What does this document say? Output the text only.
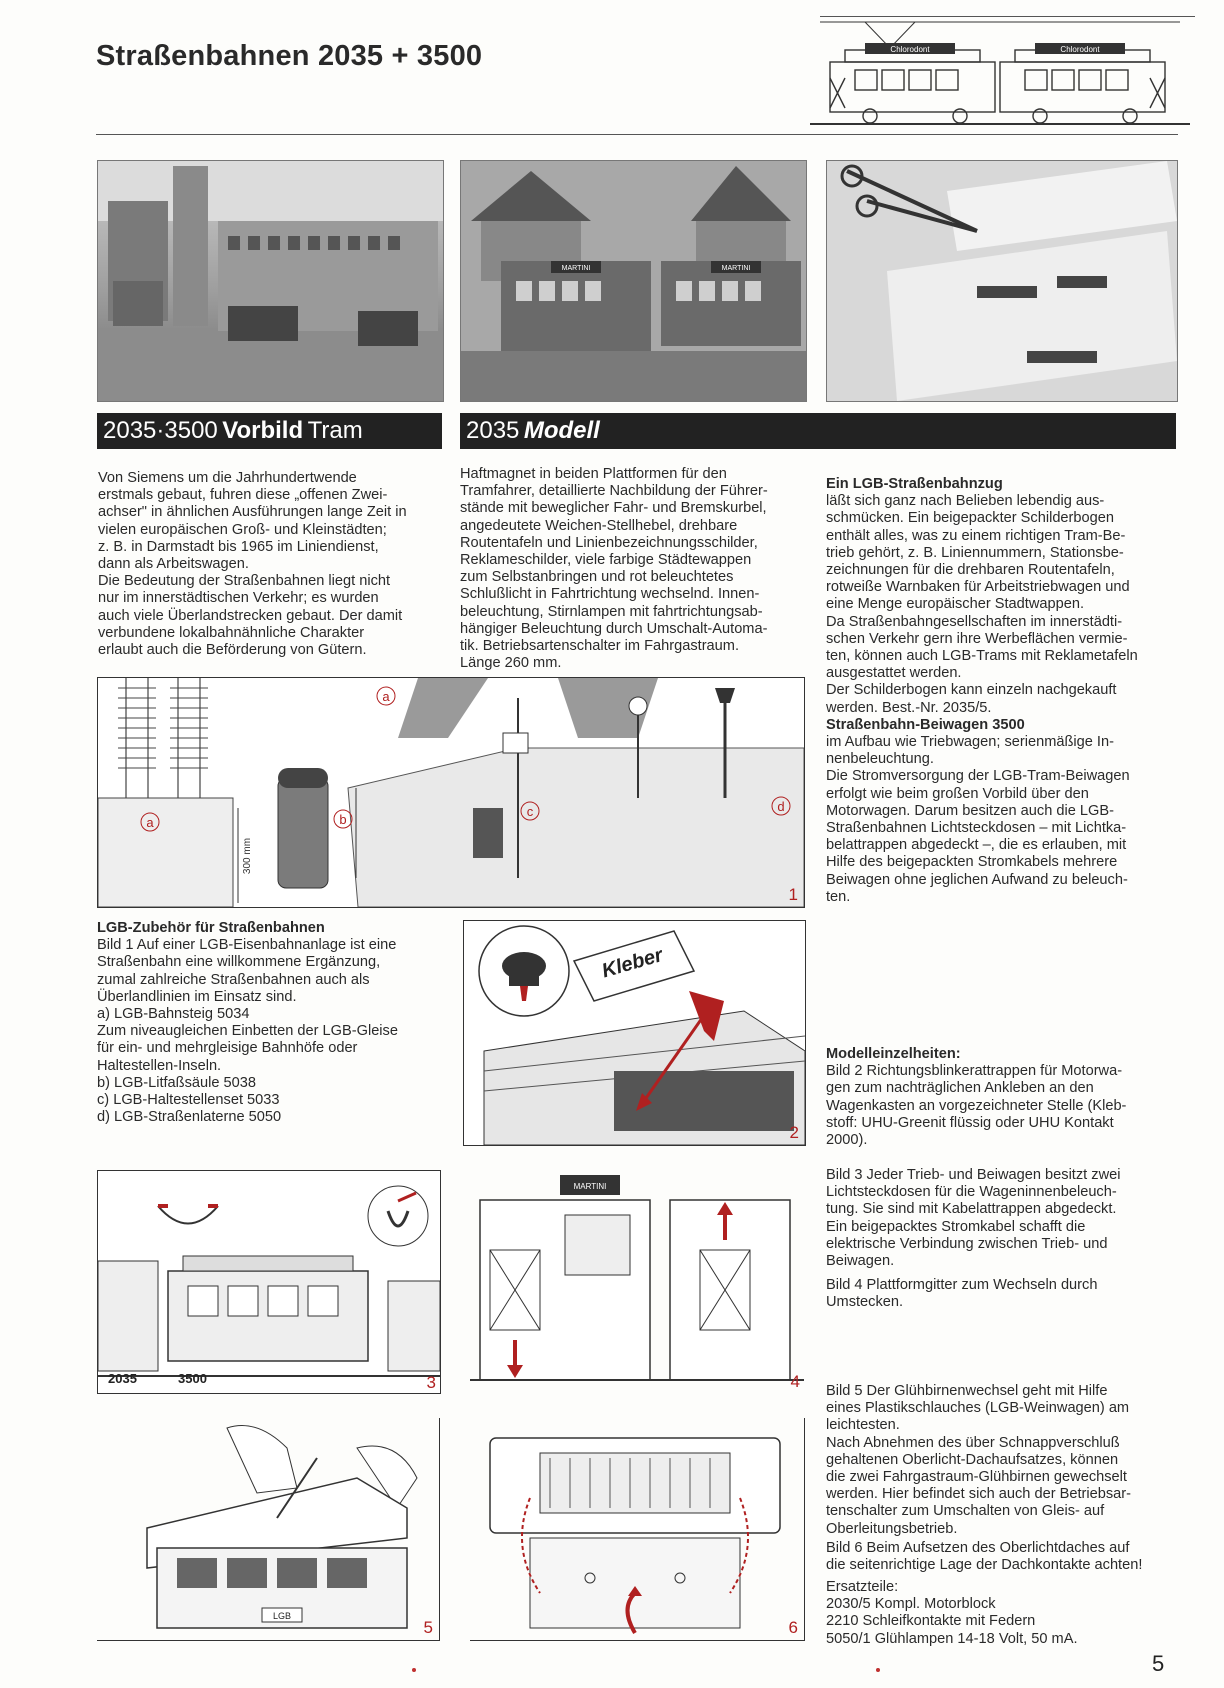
Straßenbahnen 2035 + 3500	Chlorodont	Chlorodont
MARTINI	MARTINI
2035·3500 Vorbild Tram	2035 Modell

Von Siemens um die Jahrhundertwende

erstmals gebaut, fuhren diese „offenen Zwei-

achser" in ähnlichen Ausführungen lange Zeit in

vielen europäischen Groß- und Kleinstädten;

z. B. in Darmstadt bis 1965 im Liniendienst,

dann als Arbeitswagen.

Die Bedeutung der Straßenbahnen liegt nicht

nur im innerstädtischen Verkehr; es wurden

auch viele Überlandstrecken gebaut. Der damit

verbundene lokalbahnähnliche Charakter

erlaubt auch die Beförderung von Gütern.

Haftmagnet in beiden Plattformen für den

Tramfahrer, detaillierte Nachbildung der Führer-

stände mit beweglicher Fahr- und Bremskurbel,

angedeutete Weichen-Stellhebel, drehbare

Routentafeln und Linienbezeichnungsschilder,

Reklameschilder, viele farbige Städtewappen

zum Selbstanbringen und rot beleuchtetes

Schlußlicht in Fahrtrichtung wechselnd. Innen-

beleuchtung, Stirnlampen mit fahrtrichtungsab-

hängiger Beleuchtung durch Umschalt-Automa-

tik. Betriebsartenschalter im Fahrgastraum.

Länge 260 mm.

Ein LGB-Straßenbahnzug

läßt sich ganz nach Belieben lebendig aus-

schmücken. Ein beigepackter Schilderbogen

enthält alles, was zu einem richtigen Tram-Be-

trieb gehört, z. B. Liniennummern, Stationsbe-

zeichnungen für die drehbaren Routentafeln,

rotweiße Warnbaken für Arbeitstriebwagen und

eine Menge europäischer Stadtwappen.

Da Straßenbahngesellschaften im innerstädti-

schen Verkehr gern ihre Werbeflächen vermie-

ten, können auch LGB-Trams mit Reklametafeln

ausgestattet werden.

Der Schilderbogen kann einzeln nachgekauft

werden. Best.-Nr. 2035/5.

Straßenbahn-Beiwagen 3500

im Aufbau wie Triebwagen; serienmäßige In-

nenbeleuchtung.

Die Stromversorgung der LGB-Tram-Beiwagen

erfolgt wie beim großen Vorbild über den

Motorwagen. Darum besitzen auch die LGB-

Straßenbahnen Lichtsteckdosen – mit Lichtka-

belattrappen abgedeckt –, die es erlauben, mit

Hilfe des beigepackten Stromkabels mehrere

Beiwagen ohne jeglichen Aufwand zu beleuch-

ten.

a	b
a
c	d
300 mm
1

LGB-Zubehör für Straßenbahnen

Bild 1 Auf einer LGB-Eisenbahnanlage ist eine

Straßenbahn eine willkommene Ergänzung,

zumal zahlreiche Straßenbahnen auch als

Überlandlinien im Einsatz sind.

a) LGB-Bahnsteig 5034

Zum niveaugleichen Einbetten der LGB-Gleise

für ein- und mehrgleisige Bahnhöfe oder

Haltestellen-Inseln.

b) LGB-Litfaßsäule 5038

c) LGB-Haltestellenset 5033

d) LGB-Straßenlaterne 5050

Kleber
2

Modelleinzelheiten:

Bild 2 Richtungsblinkerattrappen für Motorwa-

gen zum nachträglichen Ankleben an den

Wagenkasten an vorgezeichneter Stelle (Kleb-

stoff: UHU-Greenit flüssig oder UHU Kontakt

2000).

Bild 3 Jeder Trieb- und Beiwagen besitzt zwei

Lichtsteckdosen für die Wageninnenbeleuch-

tung. Sie sind mit Kabelattrappen abgedeckt.

Ein beigepacktes Stromkabel schafft die

elektrische Verbindung zwischen Trieb- und

Beiwagen.

Bild 4 Plattformgitter zum Wechseln durch

Umstecken.

2035	3500	3
MARTINI
4
LGB
5	6

Bild 5 Der Glühbirnenwechsel geht mit Hilfe

eines Plastikschlauches (LGB-Weinwagen) am

leichtesten.

Nach Abnehmen des über Schnappverschluß

gehaltenen Oberlicht-Dachaufsatzes, können

die zwei Fahrgastraum-Glühbirnen gewechselt

werden. Hier befindet sich auch der Betriebsar-

tenschalter zum Umschalten von Gleis- auf

Oberleitungsbetrieb.

Bild 6 Beim Aufsetzen des Oberlichtdaches auf

die seitenrichtige Lage der Dachkontakte achten!

Ersatzteile:

2030/5 Kompl. Motorblock

2210 Schleifkontakte mit Federn

5050/1 Glühlampen 14-18 Volt, 50 mA.

5
